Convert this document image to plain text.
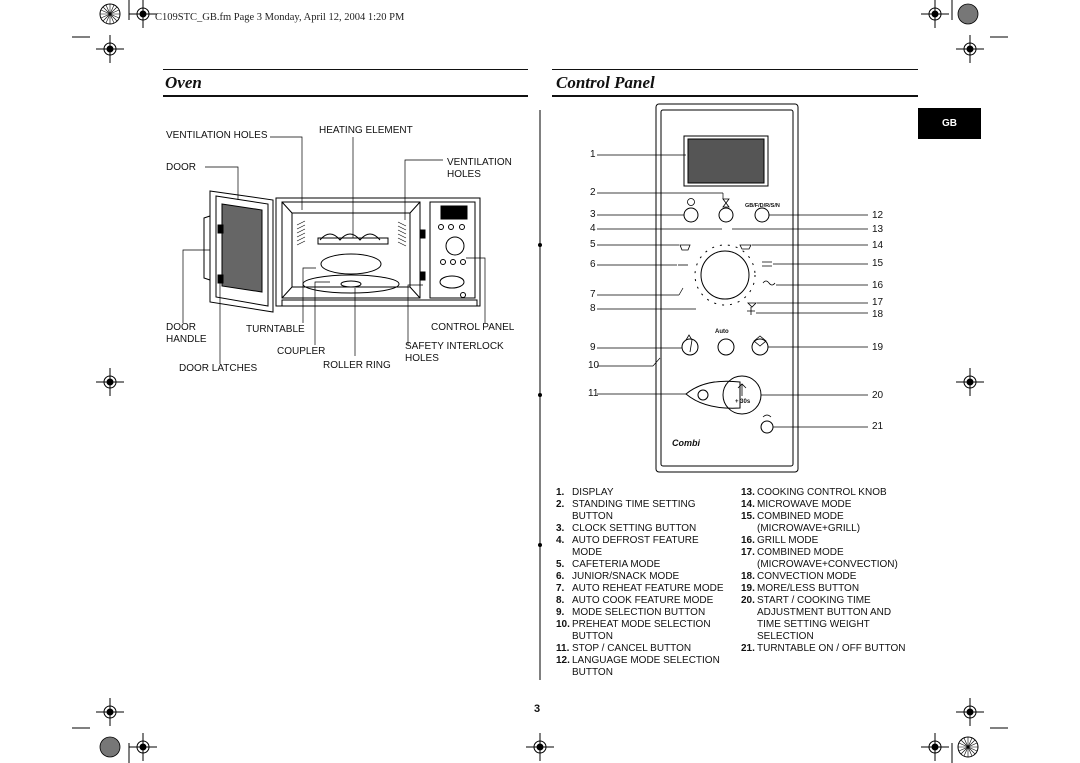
C109STC_GB.fm Page 3 Monday, April 12, 2004 1:20 PM
Oven
VENTILATION HOLES	HEATING ELEMENT
DOOR	VENTILATION
HOLES
DOOR
HANDLE
TURNTABLE	CONTROL PANEL
COUPLER	SAFETY INTERLOCK
HOLES
DOOR LATCHES	ROLLER RING
Control Panel
GB
GB/F/D/R/S/N
Auto
+ 30s
Combi
1
2
3
4
5
6
7
8
9
10
11
12
13
14
15
16
17
18
19
20
21
1. DISPLAY
2. STANDING TIME SETTING
BUTTON
3. CLOCK SETTING BUTTON
4. AUTO DEFROST FEATURE
MODE
5. CAFETERIA MODE
6. JUNIOR/SNACK MODE
7. AUTO REHEAT FEATURE MODE
8. AUTO COOK FEATURE MODE
9. MODE SELECTION BUTTON
10. PREHEAT MODE SELECTION
BUTTON
11. STOP / CANCEL BUTTON
12. LANGUAGE MODE SELECTION
BUTTON
13. COOKING CONTROL KNOB
14. MICROWAVE MODE
15. COMBINED MODE
(MICROWAVE+GRILL)
16. GRILL MODE
17. COMBINED MODE
(MICROWAVE+CONVECTION)
18. CONVECTION MODE
19. MORE/LESS BUTTON
20. START / COOKING TIME
ADJUSTMENT BUTTON AND
TIME SETTING WEIGHT
SELECTION
21. TURNTABLE ON / OFF BUTTON
3
